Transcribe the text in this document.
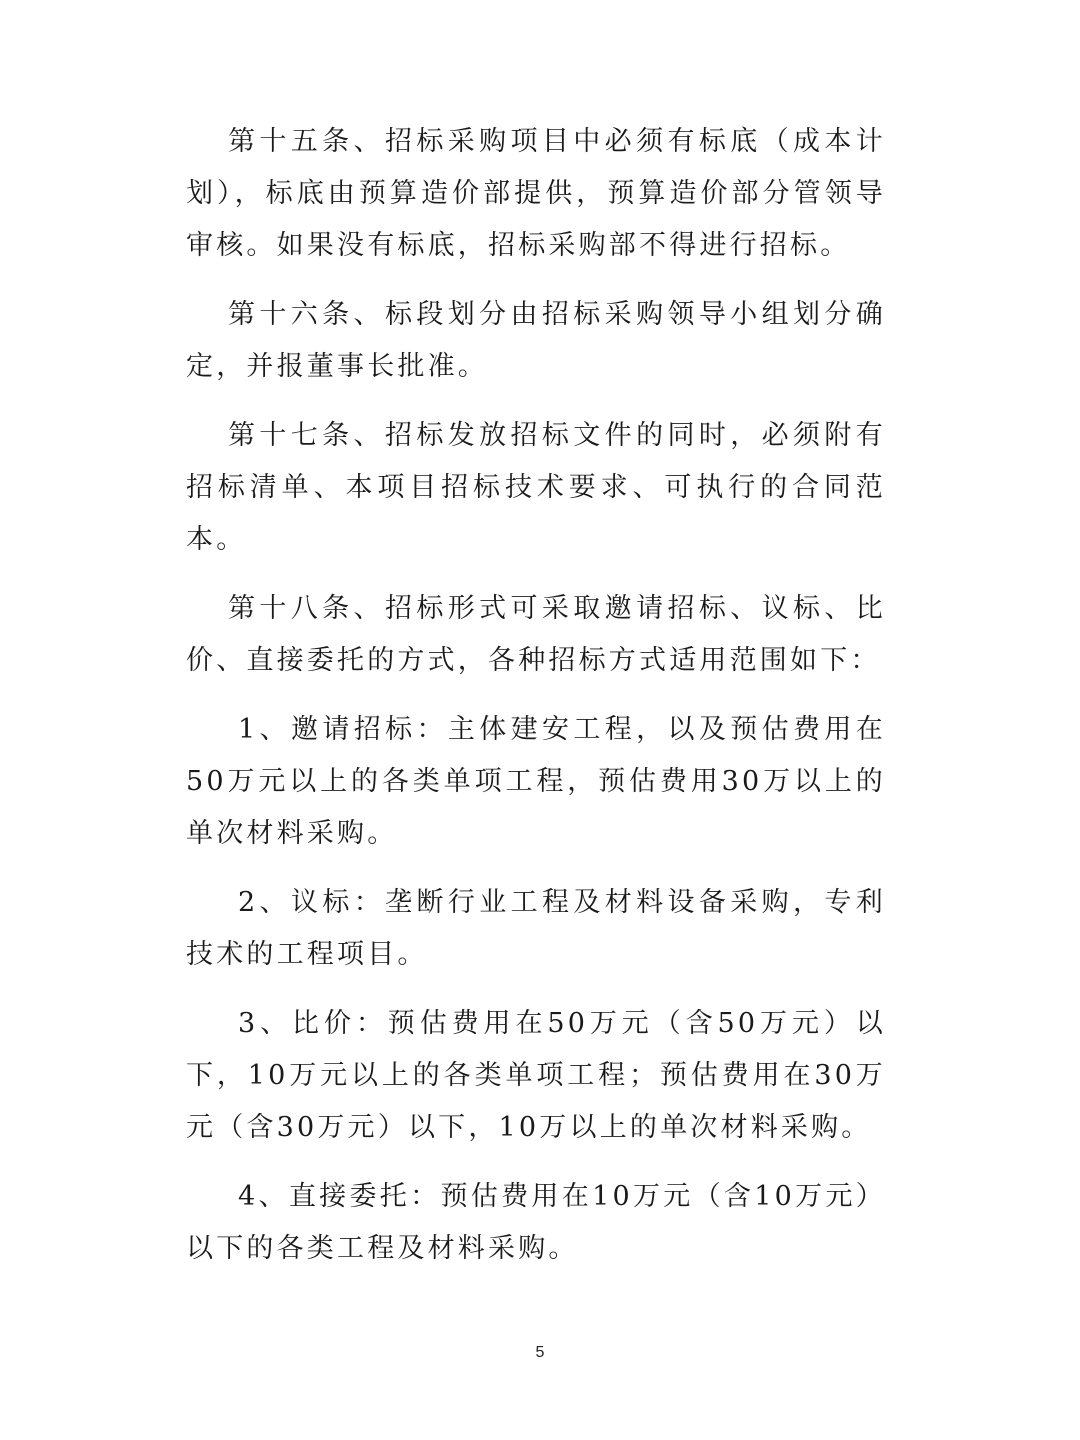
第十五条、招标采购项目中必须有标底（成本计划），标底由预算造价部提供，预算造价部分管领导审核。如果没有标底，招标采购部不得进行招标。

第十六条、标段划分由招标采购领导小组划分确定，并报董事长批准。

第十七条、招标发放招标文件的同时，必须附有招标清单、本项目招标技术要求、可执行的合同范本。

第十八条、招标形式可采取邀请招标、议标、比价、直接委托的方式，各种招标方式适用范围如下：

1、邀请招标：主体建安工程，以及预估费用在50万元以上的各类单项工程，预估费用30万以上的单次材料采购。

2、议标：垄断行业工程及材料设备采购，专利技术的工程项目。

3、比价：预估费用在50万元（含50万元）以下，10万元以上的各类单项工程；预估费用在30万元（含30万元）以下，10万以上的单次材料采购。

4、直接委托：预估费用在10万元（含10万元）以下的各类工程及材料采购。

5
